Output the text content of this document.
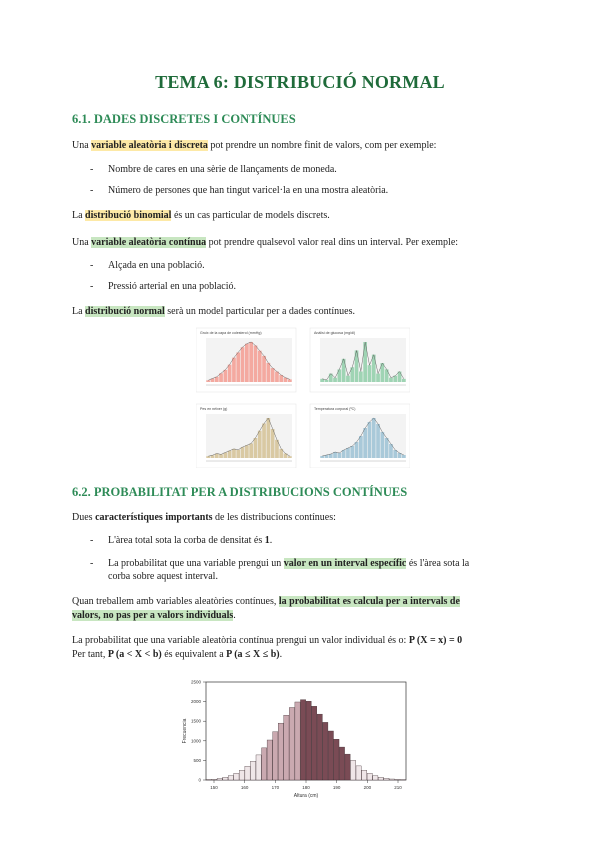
TEMA 6: DISTRIBUCIÓ NORMAL
6.1. DADES DISCRETES I CONTÍNUES

Una variable aleatòria i discreta pot prendre un nombre finit de valors, com per exemple:

- Nombre de cares en una sèrie de llançaments de moneda.
- Número de persones que han tingut varicel·la en una mostra aleatòria.

La distribució binomial és un cas particular de models discrets.

Una variable aleatòria contínua pot prendre qualsevol valor real dins un interval. Per exemple:

- Alçada en una població.
- Pressió arterial en una població.

La distribució normal serà un model particular per a dades contínues.

Gruix de la capa de colesterol (mmHg)	Anàlisi de glucosa (mg/dl)
Pes en néixer (g)	Temperatura corporal (ºC)
6.2. PROBABILITAT PER A DISTRIBUCIONS CONTÍNUES

Dues característiques importants de les distribucions contínues:

- L'àrea total sota la corba de densitat és 1.
- La probabilitat que una variable prengui un valor en un interval específic és l'àrea sota la
corba sobre aquest interval.

Quan treballem amb variables aleatòries contínues, la probabilitat es calcula per a intervals de
valors, no pas per a valors individuals.

La probabilitat que una variable aleatòria contínua prengui un valor individual és o: P (X = x) = 0

Per tant, P (a < X < b) és equivalent a P (a ≤ X ≤ b).

0
500
1000
1500
2000
2500
150	160	170	180	190	200	210
Frecuencia
Altura (cm)
